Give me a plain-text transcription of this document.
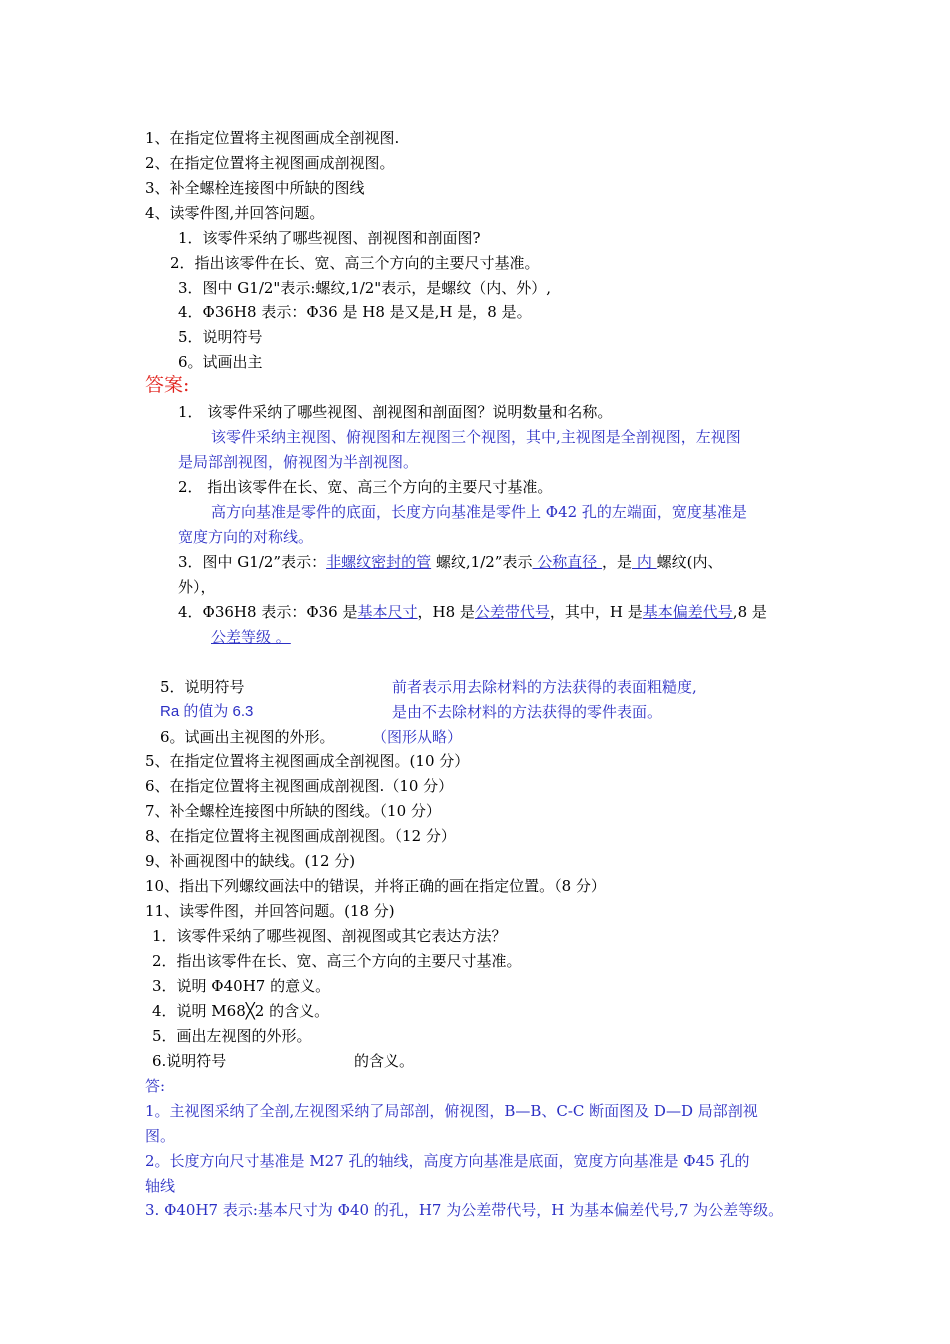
1、在指定位置将主视图画成全剖视图.
2、在指定位置将主视图画成剖视图。
3、补全螺栓连接图中所缺的图线
4、读零件图,并回答问题。
1．该零件采纳了哪些视图、剖视图和剖面图?
2．指出该零件在长、宽、高三个方向的主要尺寸基准。
3．图中 G1/2"表示:螺纹,1/2"表示，是螺纹（内、外）,
4．Φ36H8 表示：Φ36 是 H8 是又是,H 是，8 是。
5．说明符号
6。试画出主
答案:
1． 该零件采纳了哪些视图、剖视图和剖面图？说明数量和名称。
该零件采纳主视图、俯视图和左视图三个视图，其中,主视图是全剖视图，左视图
是局部剖视图，俯视图为半剖视图。
2． 指出该零件在长、宽、高三个方向的主要尺寸基准。
高方向基准是零件的底面，长度方向基准是零件上 Φ42 孔的左端面，宽度基准是
宽度方向的对称线。
3．图中 G1/2”表示：非螺纹密封的管 螺纹,1/2”表示 公称直径 ，是 内 螺纹(内、
外），
4．Φ36H8 表示：Φ36 是基本尺寸，H8 是公差带代号，其中，H 是基本偏差代号,8 是
公差等级 。
5．说明符号	前者表示用去除材料的方法获得的表面粗糙度,
Ra 的值为 6.3	是由不去除材料的方法获得的零件表面。
6。试画出主视图的外形。 （图形从略）
5、在指定位置将主视图画成全剖视图。(10 分）
6、在指定位置将主视图画成剖视图.（10 分）
7、补全螺栓连接图中所缺的图线。（10 分）
8、在指定位置将主视图画成剖视图。（12 分）
9、补画视图中的缺线。(12 分)
10、指出下列螺纹画法中的错误，并将正确的画在指定位置。（8 分）
11、读零件图，并回答问题。(18 分)
1．该零件采纳了哪些视图、剖视图或其它表达方法？
2．指出该零件在长、宽、高三个方向的主要尺寸基准。
3．说明 Φ40H7 的意义。
4．说明 M68╳2 的含义。
5．画出左视图的外形。
6.说明符号	的含义。
答:
1。主视图采纳了全剖,左视图采纳了局部剖，俯视图，B—B、C-C 断面图及 D—D 局部剖视
图。
2。长度方向尺寸基准是 M27 孔的轴线，高度方向基准是底面，宽度方向基准是 Φ45 孔的
轴线
3. Φ40H7 表示:基本尺寸为 Φ40 的孔，H7 为公差带代号，H 为基本偏差代号,7 为公差等级。
